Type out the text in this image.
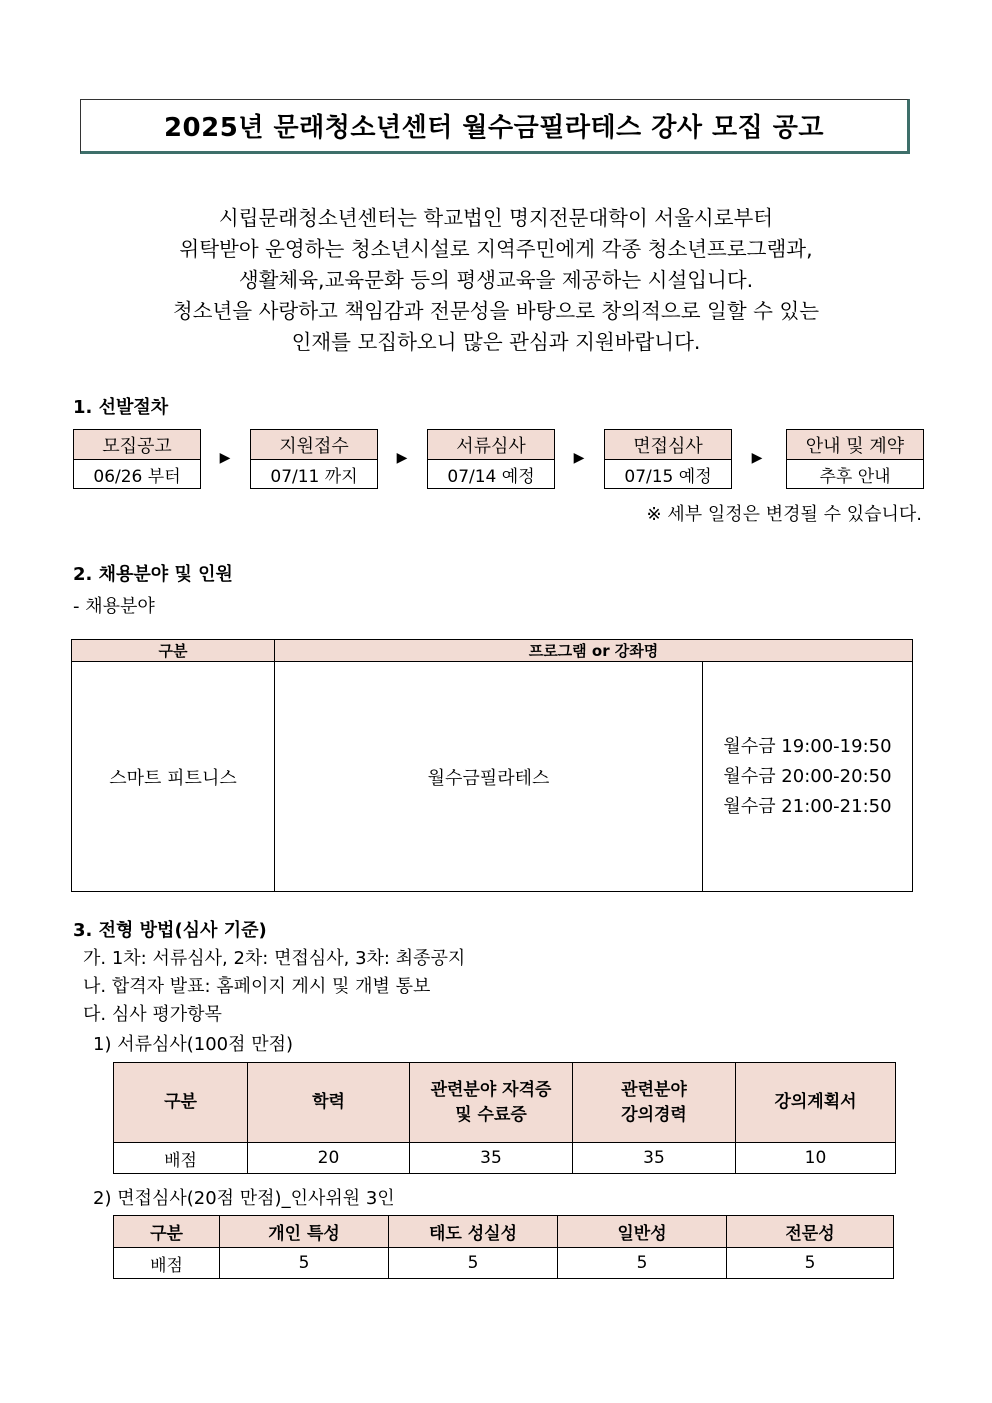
2025년 문래청소년센터 월수금필라테스 강사 모집 공고
시립문래청소년센터는 학교법인 명지전문대학이 서울시로부터
위탁받아 운영하는 청소년시설로 지역주민에게 각종 청소년프로그램과,
생활체육,교육문화 등의 평생교육을 제공하는 시설입니다.
청소년을 사랑하고 책임감과 전문성을 바탕으로 창의적으로 일할 수 있는
인재를 모집하오니 많은 관심과 지원바랍니다.
1. 선발절차
모집공고
06/26 부터
▶
지원접수
07/11 까지
▶
서류심사
07/14 예정
▶
면접심사
07/15 예정
▶
안내 및 계약
추후 안내
※ 세부 일정은 변경될 수 있습니다.
2. 채용분야 및 인원
- 채용분야
구분	프로그램 or 강좌명	
스마트 피트니스	월수금필라테스	월수금 19:00-19:50
월수금 20:00-20:50
월수금 21:00-21:50
3. 전형 방법(심사 기준)
가. 1차: 서류심사, 2차: 면접심사, 3차: 최종공지
나. 합격자 발표: 홈페이지 게시 및 개별 통보
다. 심사 평가항목
1) 서류심사(100점 만점)
구분	학력	관련분야 자격증
및 수료증	관련분야
강의경력	강의계획서
배점	20	35	35	10
2) 면접심사(20점 만점)_인사위원 3인
구분	개인 특성	태도 성실성	일반성	전문성
배점	5	5	5	5
